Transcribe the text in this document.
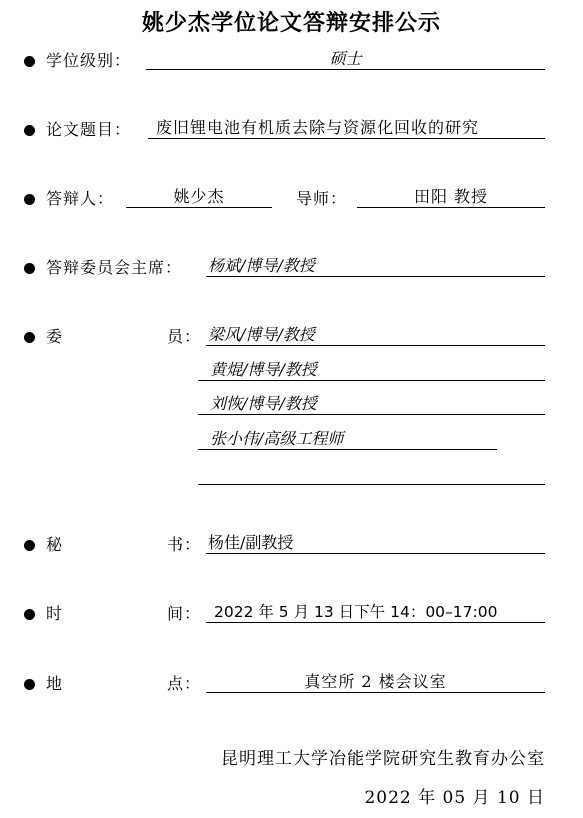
姚少杰学位论文答辩安排公示
学位级别：	硕士
论文题目： 废旧锂电池有机质去除与资源化回收的研究
答辩人：	姚少杰	导师：	田阳 教授
答辩委员会主席： 杨斌/博导/教授
委	员： 梁风/博导/教授
黄焜/博导/教授
刘恢/博导/教授
张小伟/高级工程师
秘	书： 杨佳/副教授
时	间： 2022 年 5 月 13 日下午 14：00–17:00
地	点：	真空所 2 楼会议室
昆明理工大学冶能学院研究生教育办公室
2022 年 05 月 10 日
